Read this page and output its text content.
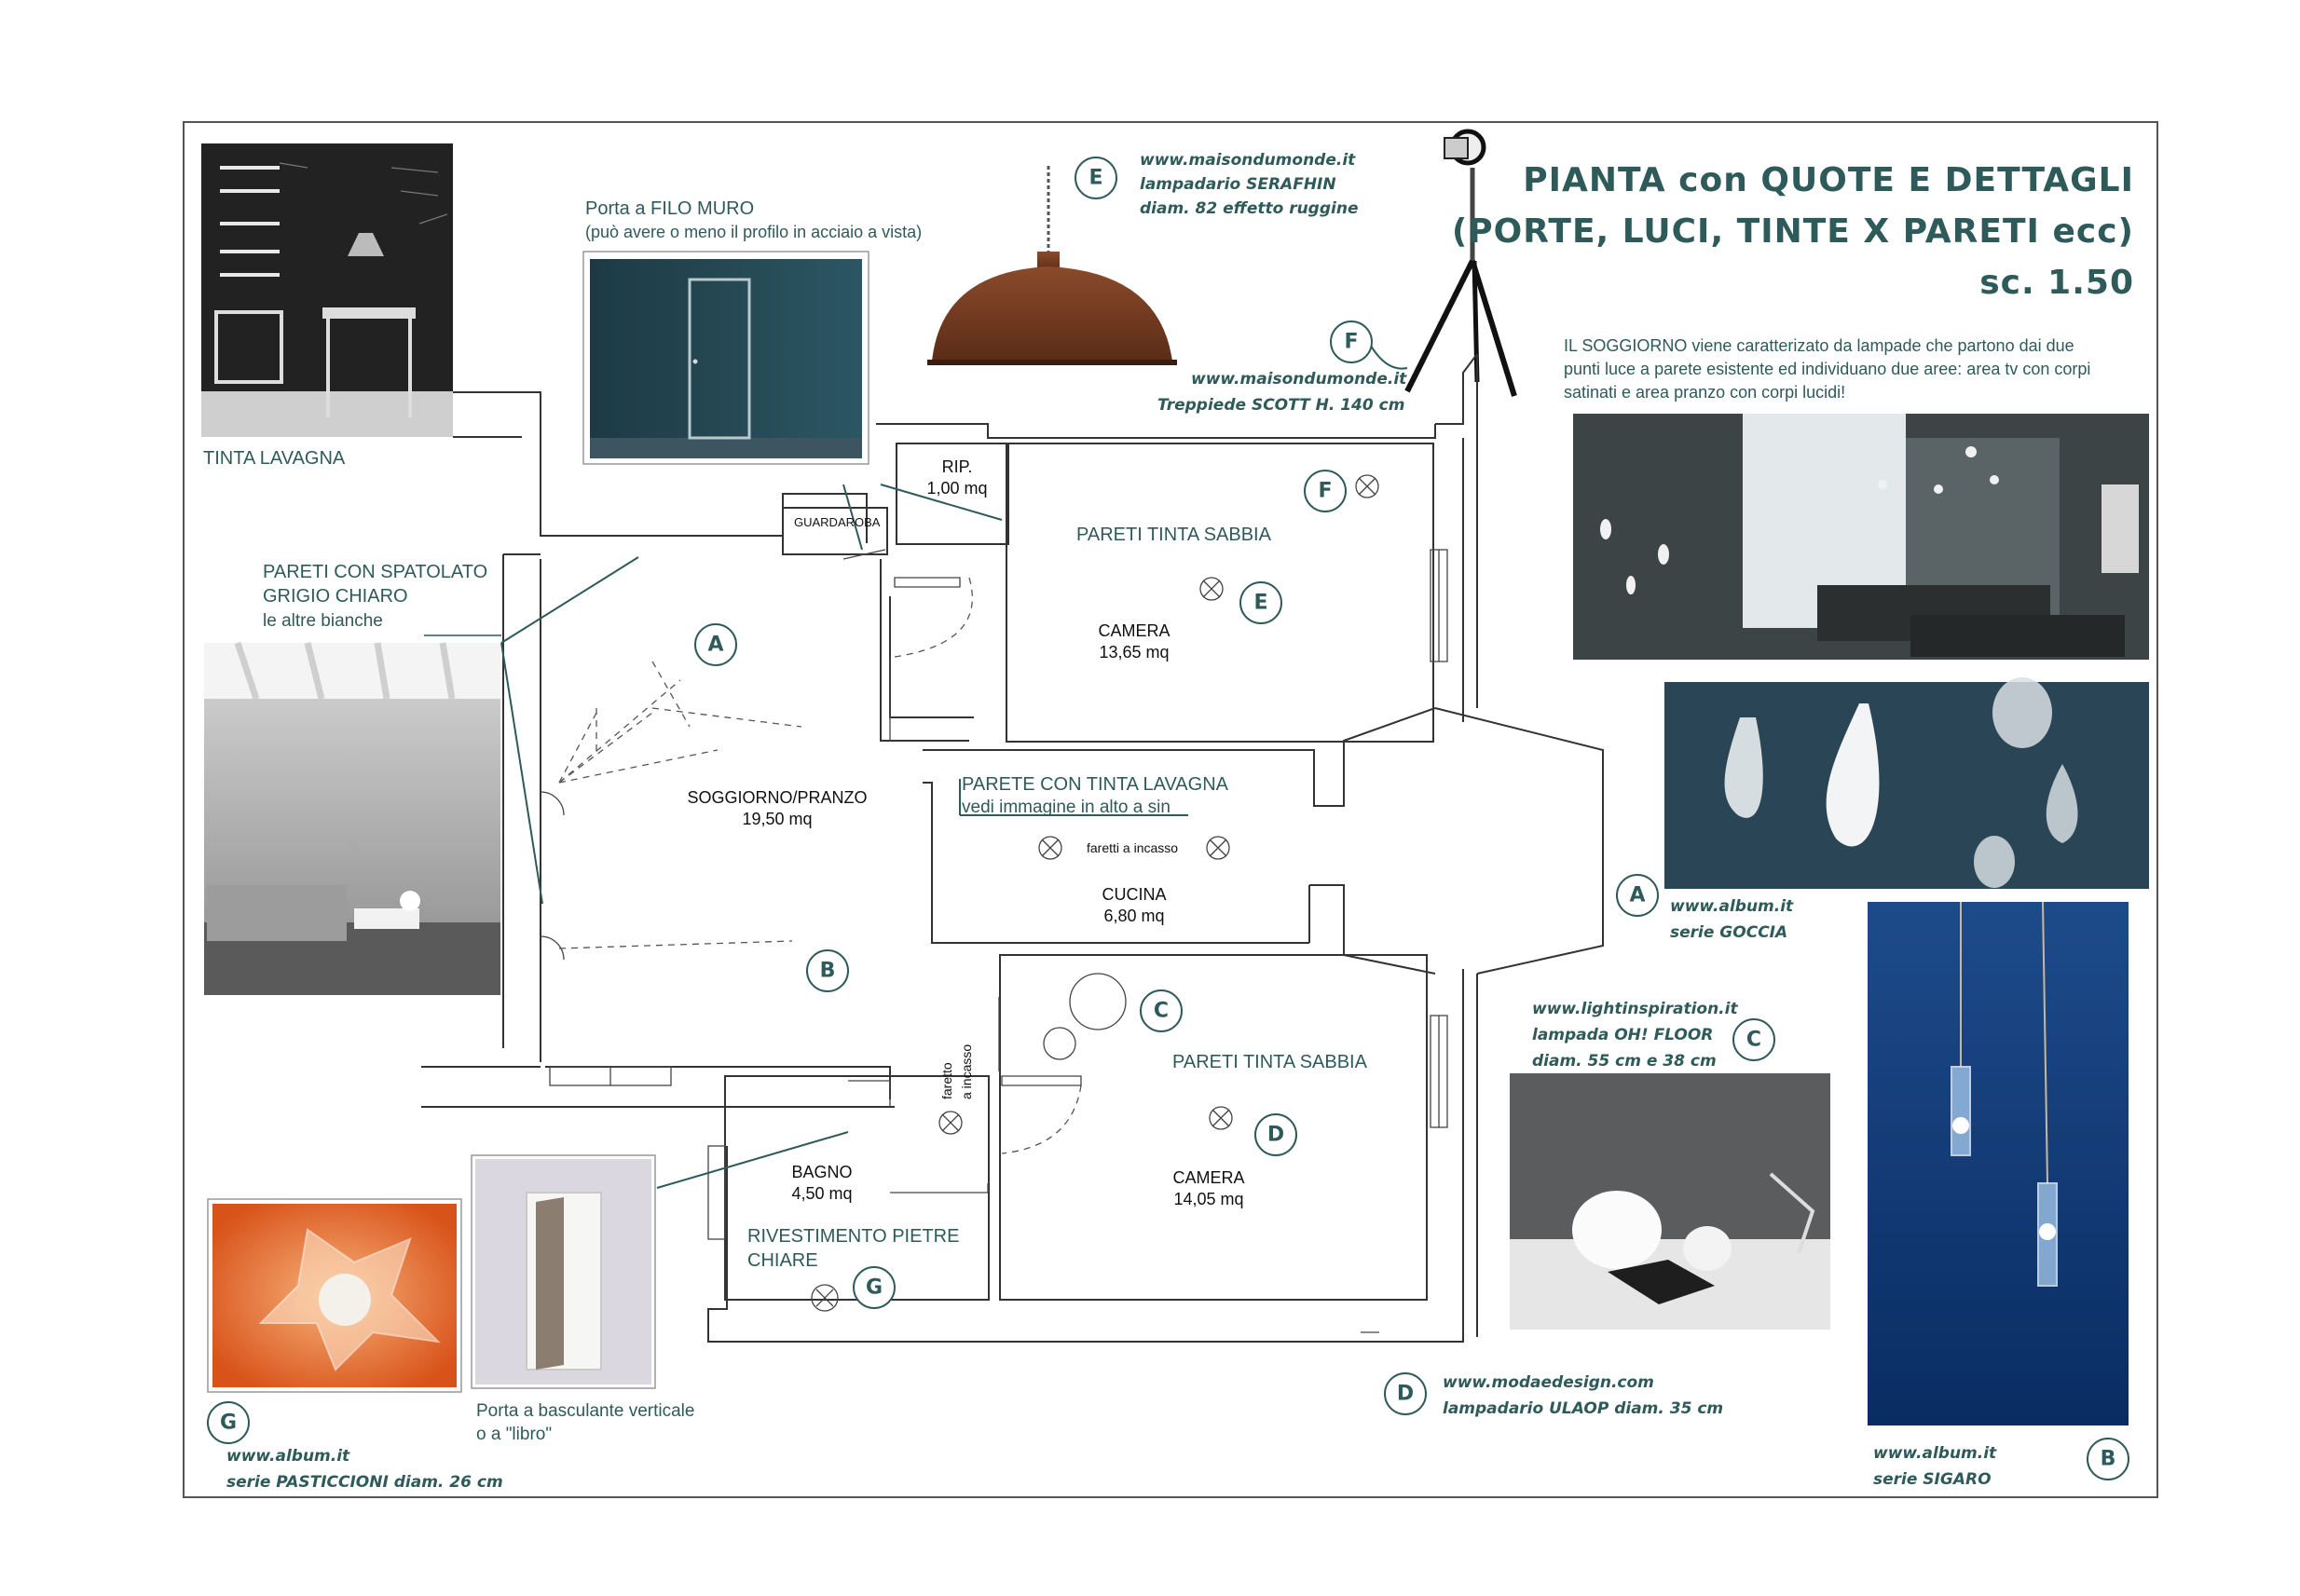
PIANTA con QUOTE E DETTAGLI
(PORTE, LUCI, TINTE X PARETI ecc)
sc. 1.50
IL SOGGIORNO viene caratterizato da lampade che partono dai due
punti luce a parete esistente ed individuano due aree: area tv con corpi
satinati e area pranzo con corpi lucidi!
TINTA LAVAGNA
Porta a FILO MURO
(può avere o meno il profilo in acciaio a vista)
PARETI CON SPATOLATO
GRIGIO CHIARO
le altre bianche
PARETE CON TINTA LAVAGNA
vedi immagine in alto a sin
faretti a incasso
faretto a incasso
PARETI TINTA SABBIA
PARETI TINTA SABBIA
RIVESTIMENTO PIETRE
CHIARE
Porta a basculante verticale
o a "libro"
GUARDAROBA
RIP.
1,00 mq
CAMERA
13,65 mq
SOGGIORNO/PRANZO
19,50 mq
CUCINA
6,80 mq
BAGNO
4,50 mq
CAMERA
14,05 mq
www.maisondumonde.it
lampadario SERAFHIN
diam. 82 effetto ruggine
www.maisondumonde.it
Treppiede SCOTT H. 140 cm
www.album.it
serie GOCCIA
www.lightinspiration.it
lampada OH! FLOOR
diam. 55 cm e 38 cm
www.modaedesign.com
lampadario ULAOP diam. 35 cm
www.album.it
serie SIGARO
www.album.it
serie PASTICCIONI diam. 26 cm
E
F
F
E
A
B
C
D
G
A
C
D
B
G
